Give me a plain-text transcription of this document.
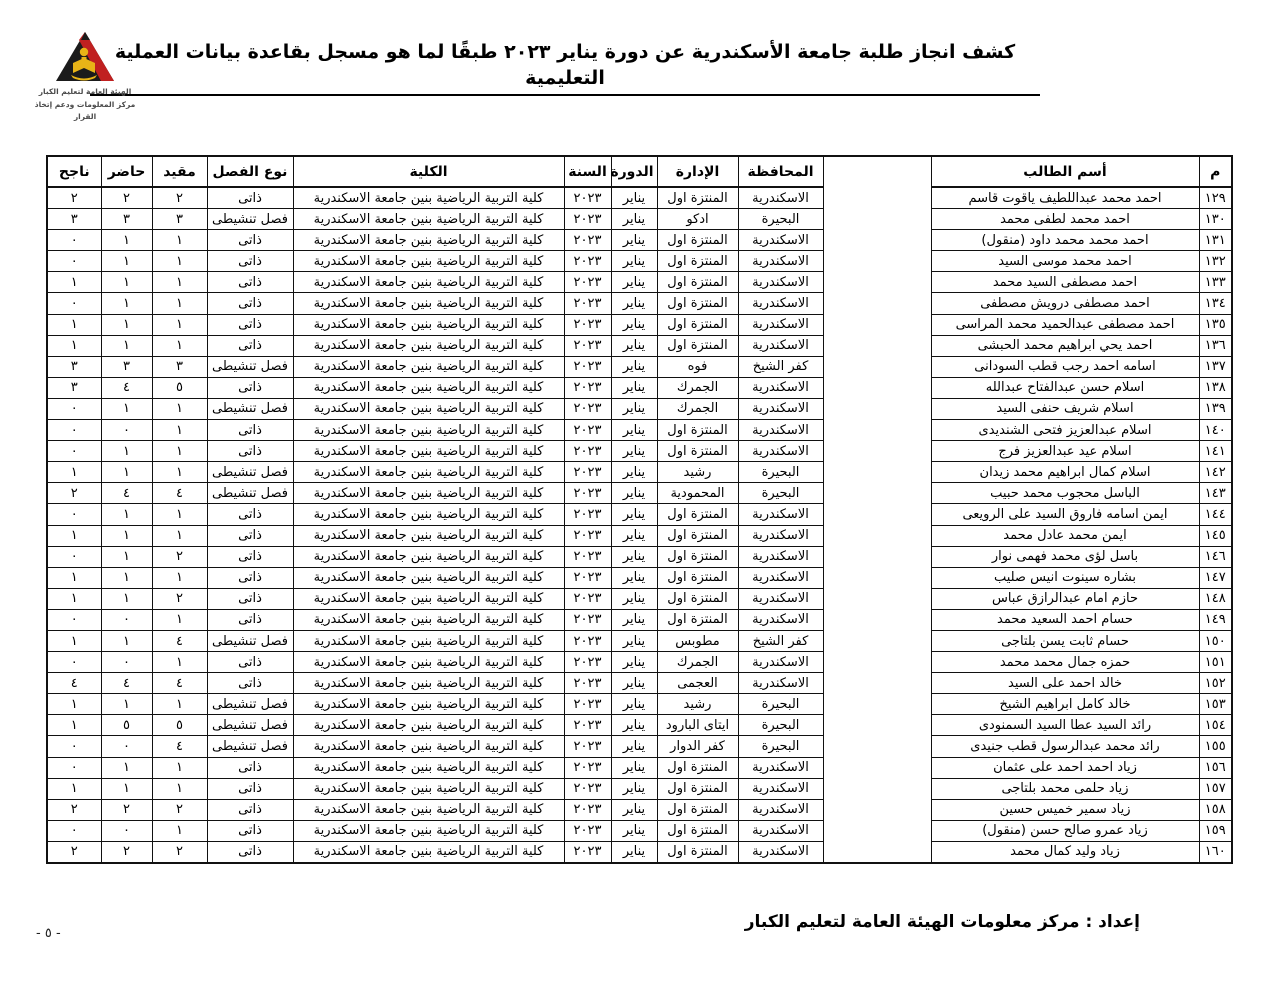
كشف انجاز طلبة جامعة الأسكندرية عن دورة يناير ٢٠٢٣ طبقًا لما هو مسجل بقاعدة بيانات العملية التعليمية
الهيئة العامة لتعليم الكبار
مركز المعلومات ودعم إتخاذ القرار
م	أسم الطالب		المحافظة	الإدارة	الدورة	السنة	الكلية	نوع الفصل	مقيد	حاضر	ناجح
١٢٩	احمد محمد عبداللطيف ياقوت قاسم		الاسكندرية	المنتزة اول	يناير	٢٠٢٣	كلية التربية الرياضية بنين جامعة الاسكندرية	ذاتى	٢	٢	٢
١٣٠	احمد محمد لطفى محمد		البحيرة	ادكو	يناير	٢٠٢٣	كلية التربية الرياضية بنين جامعة الاسكندرية	فصل تنشيطى	٣	٣	٣
١٣١	احمد محمد محمد داود (منقول)		الاسكندرية	المنتزة اول	يناير	٢٠٢٣	كلية التربية الرياضية بنين جامعة الاسكندرية	ذاتى	١	١	٠
١٣٢	احمد محمد موسى السيد		الاسكندرية	المنتزة اول	يناير	٢٠٢٣	كلية التربية الرياضية بنين جامعة الاسكندرية	ذاتى	١	١	٠
١٣٣	احمد مصطفى السيد محمد		الاسكندرية	المنتزة اول	يناير	٢٠٢٣	كلية التربية الرياضية بنين جامعة الاسكندرية	ذاتى	١	١	١
١٣٤	احمد مصطفى درويش مصطفى		الاسكندرية	المنتزة اول	يناير	٢٠٢٣	كلية التربية الرياضية بنين جامعة الاسكندرية	ذاتى	١	١	٠
١٣٥	احمد مصطفى عبدالحميد محمد المراسى		الاسكندرية	المنتزة اول	يناير	٢٠٢٣	كلية التربية الرياضية بنين جامعة الاسكندرية	ذاتى	١	١	١
١٣٦	احمد يحي ابراهيم محمد الحبشى		الاسكندرية	المنتزة اول	يناير	٢٠٢٣	كلية التربية الرياضية بنين جامعة الاسكندرية	ذاتى	١	١	١
١٣٧	اسامه احمد رجب قطب السودانى		كفر الشيخ	فوه	يناير	٢٠٢٣	كلية التربية الرياضية بنين جامعة الاسكندرية	فصل تنشيطى	٣	٣	٣
١٣٨	اسلام حسن عبدالفتاح عبدالله		الاسكندرية	الجمرك	يناير	٢٠٢٣	كلية التربية الرياضية بنين جامعة الاسكندرية	ذاتى	٥	٤	٣
١٣٩	اسلام شريف حنفى السيد		الاسكندرية	الجمرك	يناير	٢٠٢٣	كلية التربية الرياضية بنين جامعة الاسكندرية	فصل تنشيطى	١	١	٠
١٤٠	اسلام عبدالعزيز فتحى الشنديدى		الاسكندرية	المنتزة اول	يناير	٢٠٢٣	كلية التربية الرياضية بنين جامعة الاسكندرية	ذاتى	١	٠	٠
١٤١	اسلام عيد عبدالعزيز فرج		الاسكندرية	المنتزة اول	يناير	٢٠٢٣	كلية التربية الرياضية بنين جامعة الاسكندرية	ذاتى	١	١	٠
١٤٢	اسلام كمال ابراهيم محمد زيدان		البحيرة	رشيد	يناير	٢٠٢٣	كلية التربية الرياضية بنين جامعة الاسكندرية	فصل تنشيطى	١	١	١
١٤٣	الباسل محجوب محمد حبيب		البحيرة	المحمودية	يناير	٢٠٢٣	كلية التربية الرياضية بنين جامعة الاسكندرية	فصل تنشيطى	٤	٤	٢
١٤٤	ايمن اسامه فاروق السيد على الرويعى		الاسكندرية	المنتزة اول	يناير	٢٠٢٣	كلية التربية الرياضية بنين جامعة الاسكندرية	ذاتى	١	١	٠
١٤٥	ايمن محمد عادل محمد		الاسكندرية	المنتزة اول	يناير	٢٠٢٣	كلية التربية الرياضية بنين جامعة الاسكندرية	ذاتى	١	١	١
١٤٦	باسل لؤى محمد فهمى نوار		الاسكندرية	المنتزة اول	يناير	٢٠٢٣	كلية التربية الرياضية بنين جامعة الاسكندرية	ذاتى	٢	١	٠
١٤٧	بشاره سينوت انيس صليب		الاسكندرية	المنتزة اول	يناير	٢٠٢٣	كلية التربية الرياضية بنين جامعة الاسكندرية	ذاتى	١	١	١
١٤٨	حازم امام عبدالرازق عباس		الاسكندرية	المنتزة اول	يناير	٢٠٢٣	كلية التربية الرياضية بنين جامعة الاسكندرية	ذاتى	٢	١	١
١٤٩	حسام احمد السعيد محمد		الاسكندرية	المنتزة اول	يناير	٢٠٢٣	كلية التربية الرياضية بنين جامعة الاسكندرية	ذاتى	١	٠	٠
١٥٠	حسام ثابت يسن بلتاجى		كفر الشيخ	مطوبس	يناير	٢٠٢٣	كلية التربية الرياضية بنين جامعة الاسكندرية	فصل تنشيطى	٤	١	١
١٥١	حمزه جمال محمد محمد		الاسكندرية	الجمرك	يناير	٢٠٢٣	كلية التربية الرياضية بنين جامعة الاسكندرية	ذاتى	١	٠	٠
١٥٢	خالد احمد على السيد		الاسكندرية	العجمى	يناير	٢٠٢٣	كلية التربية الرياضية بنين جامعة الاسكندرية	ذاتى	٤	٤	٤
١٥٣	خالد كامل ابراهيم الشيخ		البحيرة	رشيد	يناير	٢٠٢٣	كلية التربية الرياضية بنين جامعة الاسكندرية	فصل تنشيطى	١	١	١
١٥٤	رائد السيد عطا السيد السمنودى		البحيرة	ايتاى البارود	يناير	٢٠٢٣	كلية التربية الرياضية بنين جامعة الاسكندرية	فصل تنشيطى	٥	٥	١
١٥٥	رائد محمد عبدالرسول قطب جنيدى		البحيرة	كفر الدوار	يناير	٢٠٢٣	كلية التربية الرياضية بنين جامعة الاسكندرية	فصل تنشيطى	٤	٠	٠
١٥٦	زياد احمد احمد على عثمان		الاسكندرية	المنتزة اول	يناير	٢٠٢٣	كلية التربية الرياضية بنين جامعة الاسكندرية	ذاتى	١	١	٠
١٥٧	زياد حلمى محمد بلتاجى		الاسكندرية	المنتزة اول	يناير	٢٠٢٣	كلية التربية الرياضية بنين جامعة الاسكندرية	ذاتى	١	١	١
١٥٨	زياد سمير خميس حسين		الاسكندرية	المنتزة اول	يناير	٢٠٢٣	كلية التربية الرياضية بنين جامعة الاسكندرية	ذاتى	٢	٢	٢
١٥٩	زياد عمرو صالح حسن (منقول)		الاسكندرية	المنتزة اول	يناير	٢٠٢٣	كلية التربية الرياضية بنين جامعة الاسكندرية	ذاتى	١	٠	٠
١٦٠	زياد وليد كمال محمد		الاسكندرية	المنتزة اول	يناير	٢٠٢٣	كلية التربية الرياضية بنين جامعة الاسكندرية	ذاتى	٢	٢	٢
إعداد : مركز معلومات الهيئة العامة لتعليم الكبار
- ٥ -
